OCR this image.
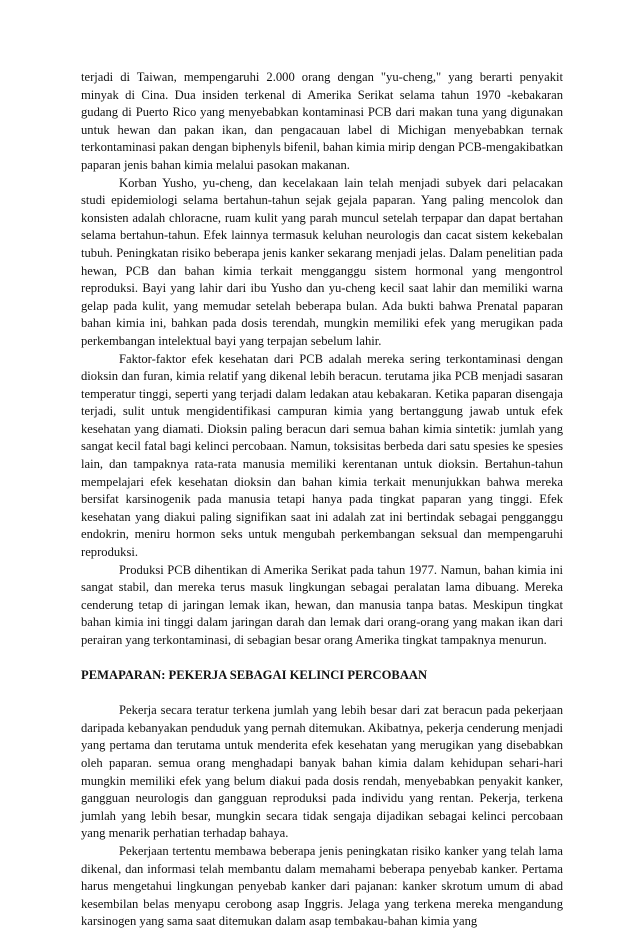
terjadi di Taiwan, mempengaruhi 2.000 orang dengan "yu-cheng," yang berarti penyakit minyak di Cina. Dua insiden terkenal di Amerika Serikat selama tahun 1970 -kebakaran gudang di Puerto Rico yang menyebabkan kontaminasi PCB dari makan tuna yang digunakan untuk hewan dan pakan ikan, dan pengacauan label di Michigan menyebabkan ternak terkontaminasi pakan dengan biphenyls bifenil, bahan kimia mirip dengan PCB-mengakibatkan paparan jenis bahan kimia melalui pasokan makanan.

Korban Yusho, yu-cheng, dan kecelakaan lain telah menjadi subyek dari pelacakan studi epidemiologi selama bertahun-tahun sejak gejala paparan. Yang paling mencolok dan konsisten adalah chloracne, ruam kulit yang parah muncul setelah terpapar dan dapat bertahan selama bertahun-tahun. Efek lainnya termasuk keluhan neurologis dan cacat sistem kekebalan tubuh. Peningkatan risiko beberapa jenis kanker sekarang menjadi jelas. Dalam penelitian pada hewan, PCB dan bahan kimia terkait mengganggu sistem hormonal yang mengontrol reproduksi. Bayi yang lahir dari ibu Yusho dan yu-cheng kecil saat lahir dan memiliki warna gelap pada kulit, yang memudar setelah beberapa bulan. Ada bukti bahwa Prenatal paparan bahan kimia ini, bahkan pada dosis terendah, mungkin memiliki efek yang merugikan pada perkembangan intelektual bayi yang terpajan sebelum lahir.

Faktor-faktor efek kesehatan dari PCB adalah mereka sering terkontaminasi dengan dioksin dan furan, kimia relatif yang dikenal lebih beracun. terutama jika PCB menjadi sasaran temperatur tinggi, seperti yang terjadi dalam ledakan atau kebakaran. Ketika paparan disengaja terjadi, sulit untuk mengidentifikasi campuran kimia yang bertanggung jawab untuk efek kesehatan yang diamati. Dioksin paling beracun dari semua bahan kimia sintetik: jumlah yang sangat kecil fatal bagi kelinci percobaan. Namun, toksisitas berbeda dari satu spesies ke spesies lain, dan tampaknya rata-rata manusia memiliki kerentanan untuk dioksin. Bertahun-tahun mempelajari efek kesehatan dioksin dan bahan kimia terkait menunjukkan bahwa mereka bersifat karsinogenik pada manusia tetapi hanya pada tingkat paparan yang tinggi. Efek kesehatan yang diakui paling signifikan saat ini adalah zat ini bertindak sebagai pengganggu endokrin, meniru hormon seks untuk mengubah perkembangan seksual dan mempengaruhi reproduksi.

Produksi PCB dihentikan di Amerika Serikat pada tahun 1977. Namun, bahan kimia ini sangat stabil, dan mereka terus masuk lingkungan sebagai peralatan lama dibuang. Mereka cenderung tetap di jaringan lemak ikan, hewan, dan manusia tanpa batas. Meskipun tingkat bahan kimia ini tinggi dalam jaringan darah dan lemak dari orang-orang yang makan ikan dari perairan yang terkontaminasi, di sebagian besar orang Amerika tingkat tampaknya menurun.

PEMAPARAN: PEKERJA SEBAGAI KELINCI PERCOBAAN

Pekerja secara teratur terkena jumlah yang lebih besar dari zat beracun pada pekerjaan daripada kebanyakan penduduk yang pernah ditemukan. Akibatnya, pekerja cenderung menjadi yang pertama dan terutama untuk menderita efek kesehatan yang merugikan yang disebabkan oleh paparan. semua orang menghadapi banyak bahan kimia dalam kehidupan sehari-hari mungkin memiliki efek yang belum diakui pada dosis rendah, menyebabkan penyakit kanker, gangguan neurologis dan gangguan reproduksi pada individu yang rentan. Pekerja, terkena jumlah yang lebih besar, mungkin secara tidak sengaja dijadikan sebagai kelinci percobaan yang menarik perhatian terhadap bahaya.

Pekerjaan tertentu membawa beberapa jenis peningkatan risiko kanker yang telah lama dikenal, dan informasi telah membantu dalam memahami beberapa penyebab kanker. Pertama harus mengetahui lingkungan penyebab kanker dari pajanan: kanker skrotum umum di abad kesembilan belas menyapu cerobong asap Inggris. Jelaga yang terkena mereka mengandung karsinogen yang sama saat ditemukan dalam asap tembakau-bahan kimia yang
